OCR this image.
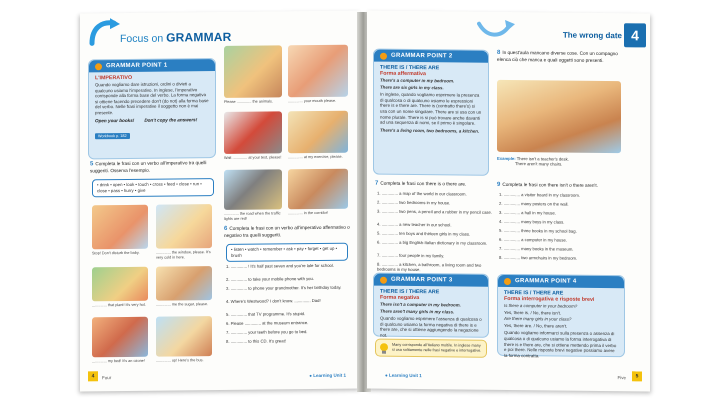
Focus on GRAMMAR
GRAMMAR POINT 1
L'IMPERATIVO
Quando vogliamo dare istruzioni, ordini o divieti a qualcuno usiamo l'imperativo. In inglese, l'imperativo corrisponde alla forma base del verbo. La forma negativa si ottiene facendo precedere don't (do not) alla forma base del verbo. Nelle frasi imperative il soggetto non è mai presente.
Open your books! Don't copy the answers!
Workbook p. 182
5 Completa le frasi con un verbo all'imperativo tra quelli suggeriti. Osserva l'esempio.
• drink • open • look • touch • cross • feed • close • run • close • pass • hurry • give
Stop! Don't disturb the baby.	.............. the window, please. It's very cold in here.
.............. that plant! It's very hot.	.............. me the sugar, please.
.............. my bed! It's an ozone!	.............. up! Here's the bus.
Please .............. the animals.	.............. your mouth please.
Wait .............. at your test, please!	.............. at my exercise, please.
.............. the road when the traffic lights are red!
.............. in the corridor!
6 Completa le frasi con un verbo all'imperativo affermativo o negativo tra quelli suggeriti.
• listen • watch • remember • ask • pay • forget • get up • brush
1. .............. ! It's half past seven and you're late for school.
2. .............. to take your mobile phone with you.
3. .............. to phone your grandmother. It's her birthday today.
4. Where's Westwood? I don't know. .............. Dad!
5. .............. that TV programme. It's stupid.
6. Please .............. at the museum entrance.
7. .............. your teeth before you go to bed.
8. .............. to this CD. It's great!
4	Four	● Learning Unit 1
The wrong date 4
GRAMMAR POINT 2
THERE IS / THERE ARE
Forma affermativa
There's a computer in my bedroom.
There are six girls in my class.
In inglese, quando vogliamo esprimere la presenza di qualcosa o di qualcuno usiamo le espressioni there is e there are. There is (contratto there's) si usa con un nome singolare. There are si usa con un nome plurale. There is si può trovare anche davanti ad una sequenza di nomi, se il primo è singolare.
There's a living room, two bedrooms, a kitchen.
8 In quest'aula mancano diverse cose. Con un compagno elenca ciò che manca e quali oggetti sono presenti.
Example: There isn't a teacher's desk.
There aren't many chairs.
7 Completa le frasi con there is o there are.
1. .............. a map of the world in our classroom.
2. .............. two bedrooms in my house.
3. .............. two pens, a pencil and a rubber in my pencil case.
4. .............. a new teacher in our school.
5. .............. ten boys and thirteen girls in my class.
6. .............. a big English-Italian dictionary in my classroom.
7. .............. four people in my family.
8. .............. a kitchen, a bathroom, a living room and two bedrooms in my house.
9 Completa le frasi con there isn't o there aren't.
1. .............. a visitor board in my classroom.
2. .............. many posters on the wall.
3. .............. a hall in my house.
4. .............. many boys in my class.
5. .............. three books in my school bag.
6. .............. a computer in my house.
7. .............. many books in the museum.
8. .............. two armchairs in my bedroom.
GRAMMAR POINT 3
THERE IS / THERE ARE
Forma negativa
There isn't a computer in my bedroom.
There aren't many girls in my class.
Quando vogliamo esprimere l'assenza di qualcosa o di qualcuno usiamo la forma negativa di there is e there are, che si ottiene aggiungendo la negazione not.
Many corrisponde all'italiano molti/e. In inglese many si usa solitamente nelle frasi negative e interrogative.
GRAMMAR POINT 4
THERE IS / THERE ARE
Forma interrogativa e risposte brevi
Is there a computer in your bedroom?
Yes, there is. / No, there isn't.
Are there many girls in your class?
Yes, there are. / No, there aren't.
Quando vogliamo informarci sulla presenza o assenza di qualcosa o di qualcuno usiamo la forma interrogativa di there is e there are, che si ottiene mettendo prima il verbo e poi there. Nelle risposte brevi negative possiamo avere la forma contratta.
● Learning Unit 1	Five	5
